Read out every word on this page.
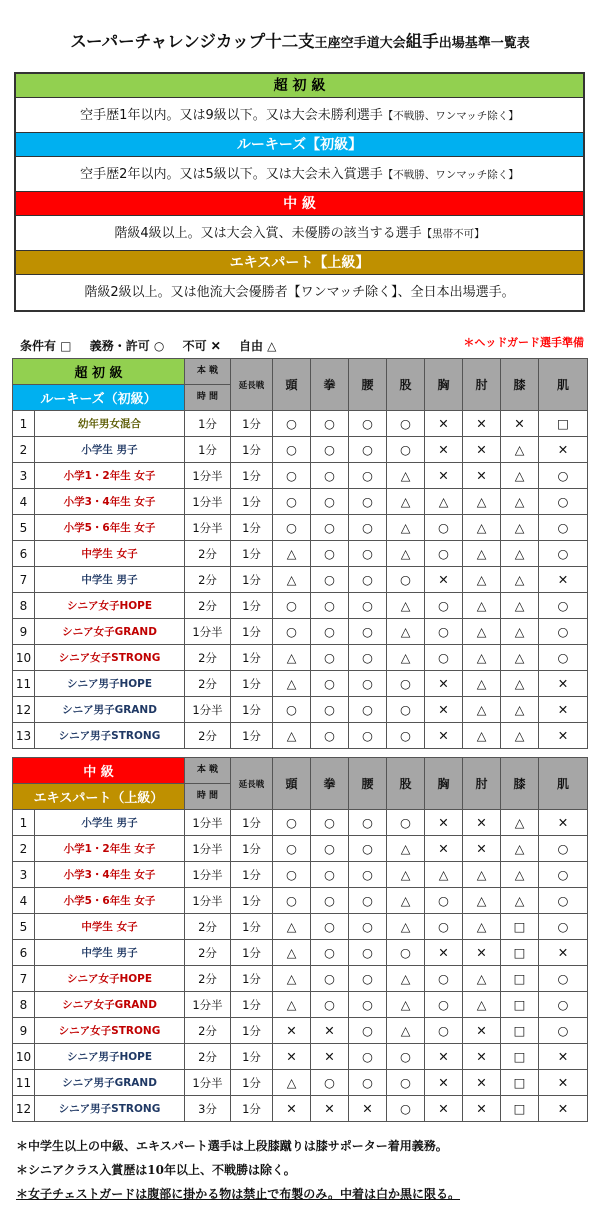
スーパーチャレンジカップ十二支王座空手道大会組手出場基準一覧表
超 初 級
空手歴1年以内。又は9級以下。又は大会未勝利選手【不戦勝、ワンマッチ除く】
ルーキーズ【初級】
空手歴2年以内。又は5級以下。又は大会未入賞選手【不戦勝、ワンマッチ除く】
中 級
階級4級以上。又は大会入賞、未優勝の該当する選手【黒帯不可】
エキスパート【上級】
階級2級以上。又は他流大会優勝者【ワンマッチ除く】、全日本出場選手。
条件有 □ 義務・許可 ○ 不可 ✕ 自由 △	＊ヘッドガード選手準備
超 初 級		本 戦	延長戦	頭	拳	腰	股	胸	肘	膝	肌
ルーキーズ（初級）		時 間									
1	幼年男女混合	1分	1分	○	○	○	○	✕	✕	✕	□
2	小学生 男子	1分	1分	○	○	○	○	✕	✕	△	✕
3	小学1・2年生 女子	1分半	1分	○	○	○	△	✕	✕	△	○
4	小学3・4年生 女子	1分半	1分	○	○	○	△	△	△	△	○
5	小学5・6年生 女子	1分半	1分	○	○	○	△	○	△	△	○
6	中学生 女子	2分	1分	△	○	○	△	○	△	△	○
7	中学生 男子	2分	1分	△	○	○	○	✕	△	△	✕
8	シニア女子HOPE	2分	1分	○	○	○	△	○	△	△	○
9	シニア女子GRAND	1分半	1分	○	○	○	△	○	△	△	○
10	シニア女子STRONG	2分	1分	△	○	○	△	○	△	△	○
11	シニア男子HOPE	2分	1分	△	○	○	○	✕	△	△	✕
12	シニア男子GRAND	1分半	1分	○	○	○	○	✕	△	△	✕
13	シニア男子STRONG	2分	1分	△	○	○	○	✕	△	△	✕
中 級		本 戦	延長戦	頭	拳	腰	股	胸	肘	膝	肌
エキスパート（上級）		時 間									
1	小学生 男子	1分半	1分	○	○	○	○	✕	✕	△	✕
2	小学1・2年生 女子	1分半	1分	○	○	○	△	✕	✕	△	○
3	小学3・4年生 女子	1分半	1分	○	○	○	△	△	△	△	○
4	小学5・6年生 女子	1分半	1分	○	○	○	△	○	△	△	○
5	中学生 女子	2分	1分	△	○	○	△	○	△	□	○
6	中学生 男子	2分	1分	△	○	○	○	✕	✕	□	✕
7	シニア女子HOPE	2分	1分	△	○	○	△	○	△	□	○
8	シニア女子GRAND	1分半	1分	△	○	○	△	○	△	□	○
9	シニア女子STRONG	2分	1分	✕	✕	○	△	○	✕	□	○
10	シニア男子HOPE	2分	1分	✕	✕	○	○	✕	✕	□	✕
11	シニア男子GRAND	1分半	1分	△	○	○	○	✕	✕	□	✕
12	シニア男子STRONG	3分	1分	✕	✕	✕	○	✕	✕	□	✕
＊中学生以上の中級、エキスパート選手は上段膝蹴りは膝サポーター着用義務。
＊シニアクラス入賞歴は10年以上、不戦勝は除く。
＊女子チェストガードは腹部に掛かる物は禁止で布製のみ。中着は白か黒に限る。
